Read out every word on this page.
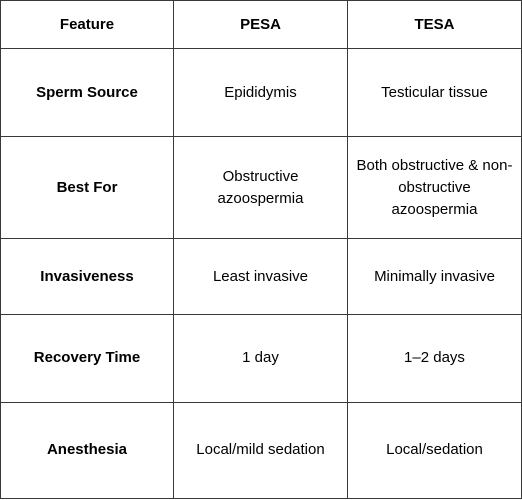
Feature	PESA	TESA
Sperm Source	Epididymis	Testicular tissue
Best For	Obstructive azoospermia	Both obstructive & non-obstructive azoospermia
Invasiveness	Least invasive	Minimally invasive
Recovery Time	1 day	1–2 days
Anesthesia	Local/mild sedation	Local/sedation
